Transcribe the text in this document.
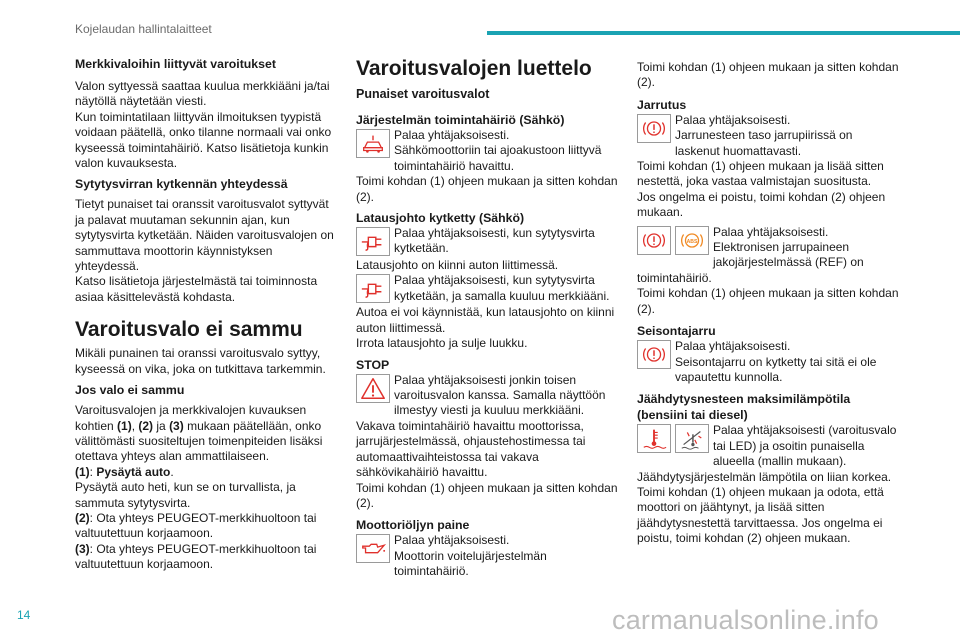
Kojelaudan hallintalaitteet
Merkkivaloihin liittyvät varoitukset

Valon syttyessä saattaa kuulua merkkiääni ja/tai näytöllä näytetään viesti.

Kun toimintatilaan liittyvän ilmoituksen tyypistä voidaan päätellä, onko tilanne normaali vai onko kyseessä toimintahäiriö. Katso lisätietoja kunkin valon kuvauksesta.

Sytytysvirran kytkennän yhteydessä

Tietyt punaiset tai oranssit varoitusvalot syttyvät ja palavat muutaman sekunnin ajan, kun sytytysvirta kytketään. Näiden varoitusvalojen on sammuttava moottorin käynnistyksen yhteydessä.

Katso lisätietoja järjestelmästä tai toiminnosta asiaa käsittelevästä kohdasta.

Varoitusvalo ei sammu

Mikäli punainen tai oranssi varoitusvalo syttyy, kyseessä on vika, joka on tutkittava tarkemmin.

Jos valo ei sammu

Varoitusvalojen ja merkkivalojen kuvauksen kohtien (1), (2) ja (3) mukaan päätellään, onko välittömästi suositeltujen toimenpiteiden lisäksi otettava yhteys alan ammattilaiseen.

(1): Pysäytä auto.

Pysäytä auto heti, kun se on turvallista, ja sammuta sytytysvirta.

(2): Ota yhteys PEUGEOT-merkkihuoltoon tai valtuutettuun korjaamoon.

(3): Ota yhteys PEUGEOT-merkkihuoltoon tai valtuutettuun korjaamoon.

Varoitusvalojen luettelo
Punaiset varoitusvalot
Järjestelmän toimintahäiriö (Sähkö)

Palaa yhtäjaksoisesti.

Sähkömoottoriin tai ajoakustoon liittyvä toimintahäiriö havaittu.

Toimi kohdan (1) ohjeen mukaan ja sitten kohdan (2).

Latausjohto kytketty (Sähkö)

Palaa yhtäjaksoisesti, kun sytytysvirta kytketään.

Latausjohto on kiinni auton liittimessä.

Palaa yhtäjaksoisesti, kun sytytysvirta kytketään, ja samalla kuuluu merkkiääni.

Autoa ei voi käynnistää, kun latausjohto on kiinni auton liittimessä.

Irrota latausjohto ja sulje luukku.

STOP

Palaa yhtäjaksoisesti jonkin toisen varoitusvalon kanssa. Samalla näyttöön ilmestyy viesti ja kuuluu merkkiääni.

Vakava toimintahäiriö havaittu moottorissa, jarrujärjestelmässä, ohjaustehostimessa tai automaattivaihteistossa tai vakava sähkövikahäiriö havaittu.

Toimi kohdan (1) ohjeen mukaan ja sitten kohdan (2).

Moottoriöljyn paine

Palaa yhtäjaksoisesti.

Moottorin voitelujärjestelmän toimintahäiriö.

Toimi kohdan (1) ohjeen mukaan ja sitten kohdan (2).

Jarrutus

Palaa yhtäjaksoisesti.

Jarrunesteen taso jarrupiirissä on laskenut huomattavasti.

Toimi kohdan (1) ohjeen mukaan ja lisää sitten nestettä, joka vastaa valmistajan suositusta.

Jos ongelma ei poistu, toimi kohdan (2) ohjeen mukaan.

ABS

Palaa yhtäjaksoisesti.

Elektronisen jarrupaineen jakojärjestelmässä (REF) on toimintahäiriö.

Toimi kohdan (1) ohjeen mukaan ja sitten kohdan (2).

Seisontajarru

Palaa yhtäjaksoisesti.

Seisontajarru on kytketty tai sitä ei ole vapautettu kunnolla.

Jäähdytysnesteen maksimilämpötila (bensiini tai diesel)

Palaa yhtäjaksoisesti (varoitusvalo tai LED) ja osoitin punaisella alueella (mallin mukaan).

Jäähdytysjärjestelmän lämpötila on liian korkea.

Toimi kohdan (1) ohjeen mukaan ja odota, että moottori on jäähtynyt, ja lisää sitten jäähdytysnestettä tarvittaessa. Jos ongelma ei poistu, toimi kohdan (2) ohjeen mukaan.

14	carmanualsonline.info
